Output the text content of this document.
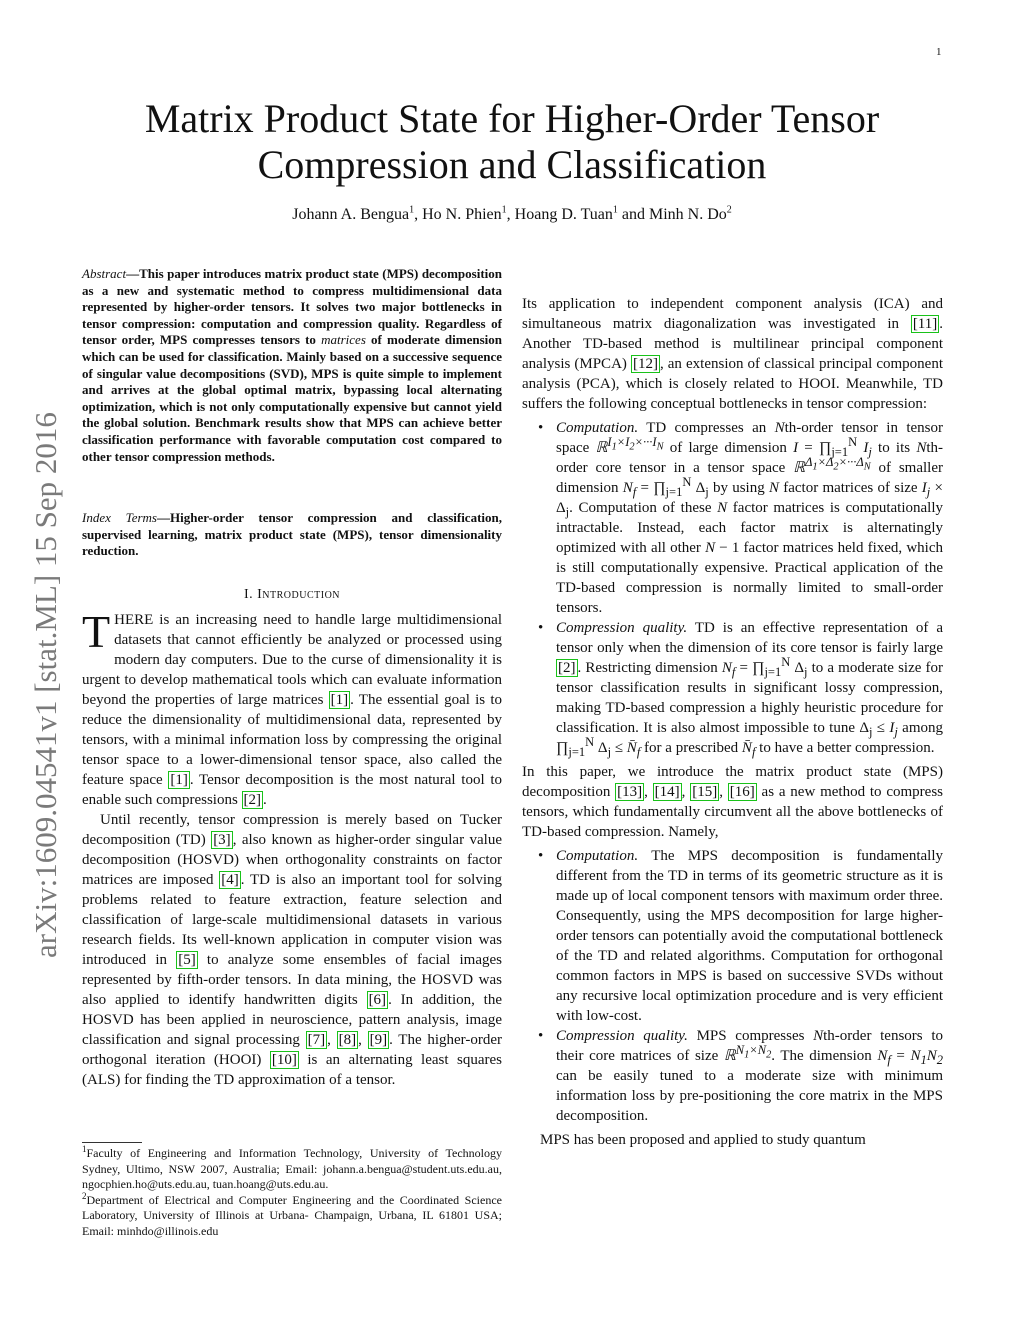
1
Matrix Product State for Higher-Order Tensor Compression and Classification
Johann A. Bengua$^1$, Ho N. Phien$^1$, Hoang D. Tuan$^1$ and Minh N. Do$^2$
arXiv:1609.04541v1 [stat.ML] 15 Sep 2016
Abstract—This paper introduces matrix product state (MPS) decomposition as a new and systematic method to compress multidimensional data represented by higher-order tensors. It solves two major bottlenecks in tensor compression: computation and compression quality. Regardless of tensor order, MPS compresses tensors to matrices of moderate dimension which can be used for classification. Mainly based on a successive sequence of singular value decompositions (SVD), MPS is quite simple to implement and arrives at the global optimal matrix, bypassing local alternating optimization, which is not only computationally expensive but cannot yield the global solution. Benchmark results show that MPS can achieve better classification performance with favorable computation cost compared to other tensor compression methods.
Index Terms—Higher-order tensor compression and classification, supervised learning, matrix product state (MPS), tensor dimensionality reduction.
I. Introduction

THERE is an increasing need to handle large multidimensional datasets that cannot efficiently be analyzed or processed using modern day computers. Due to the curse of dimensionality it is urgent to develop mathematical tools which can evaluate information beyond the properties of large matrices [1] . The essential goal is to reduce the dimensionality of multidimensional data, represented by tensors, with a minimal information loss by compressing the original tensor space to a lower-dimensional tensor space, also called the feature space [1] . Tensor decomposition is the most natural tool to enable such compressions [2] .

Until recently, tensor compression is merely based on Tucker decomposition (TD) [3] , also known as higher-order singular value decomposition (HOSVD) when orthogonality constraints on factor matrices are imposed [4] . TD is also an important tool for solving problems related to feature extraction, feature selection and classification of large-scale multidimensional datasets in various research fields. Its well-known application in computer vision was introduced in [5] to analyze some ensembles of facial images represented by fifth-order tensors. In data mining, the HOSVD was also applied to identify handwritten digits [6] . In addition, the HOSVD has been applied in neuroscience, pattern analysis, image classification and signal processing [7] , [8] , [9] . The higher-order orthogonal iteration (HOOI) [10] is an alternating least squares (ALS) for finding the TD approximation of a tensor.

$^1$Faculty of Engineering and Information Technology, University of Technology Sydney, Ultimo, NSW 2007, Australia; Email: johann.a.bengua@student.uts.edu.au, ngocphien.ho@uts.edu.au, tuan.hoang@uts.edu.au.

$^2$Department of Electrical and Computer Engineering and the Coordinated Science Laboratory, University of Illinois at Urbana- Champaign, Urbana, IL 61801 USA; Email: minhdo@illinois.edu

Its application to independent component analysis (ICA) and simultaneous matrix diagonalization was investigated in [11] . Another TD-based method is multilinear principal component analysis (MPCA) [12] , an extension of classical principal component analysis (PCA), which is closely related to HOOI. Meanwhile, TD suffers the following conceptual bottlenecks in tensor compression:

• Computation. TD compresses an Nth-order tensor in tensor space ℝ$^{I_1\times I_2\times\cdot\cdot\cdot I_N}$ of large dimension $I = \prod_{j=1}^N$ $I_j$ to its Nth-order core tensor in a tensor space ℝ$^{\Delta_1\times\Delta_2\times\cdot\cdot\cdot\Delta_N}$ of smaller dimension $N_f$ = $\prod_{j=1}^N$ $\Delta_j$ by using N factor matrices of size $I_j \times \Delta_j$. Computation of these N factor matrices is computationally intractable. Instead, each factor matrix is alternatingly optimized with all other N − 1 factor matrices held fixed, which is still computationally expensive. Practical application of the TD-based compression is normally limited to small-order tensors.
• Compression quality. TD is an effective representation of a tensor only when the dimension of its core tensor is fairly large [2] . Restricting dimension $N_f$ = $\prod_{j=1}^N$ $\Delta_j$ to a moderate size for tensor classification results in significant lossy compression, making TD-based compression a highly heuristic procedure for classification. It is also almost impossible to tune $\Delta_j \le I_j$ among $\prod_{j=1}^N$ $\Delta_j$ ≤ $N̄_f$ for a prescribed $N̄_f$ to have a better compression.

In this paper, we introduce the matrix product state (MPS) decomposition [13] , [14] , [15] , [16] as a new method to compress tensors, which fundamentally circumvent all the above bottlenecks of TD-based compression. Namely,

• Computation. The MPS decomposition is fundamentally different from the TD in terms of its geometric structure as it is made up of local component tensors with maximum order three. Consequently, using the MPS decomposition for large higher-order tensors can potentially avoid the computational bottleneck of the TD and related algorithms. Computation for orthogonal common factors in MPS is based on successive SVDs without any recursive local optimization procedure and is very efficient with low-cost.
• Compression quality. MPS compresses Nth-order tensors to their core matrices of size ℝ$^{N_1\times N_2}$. The dimension $N_f = N_1N_2$ can be easily tuned to a moderate size with minimum information loss by pre-positioning the core matrix in the MPS decomposition.

MPS has been proposed and applied to study quantum
